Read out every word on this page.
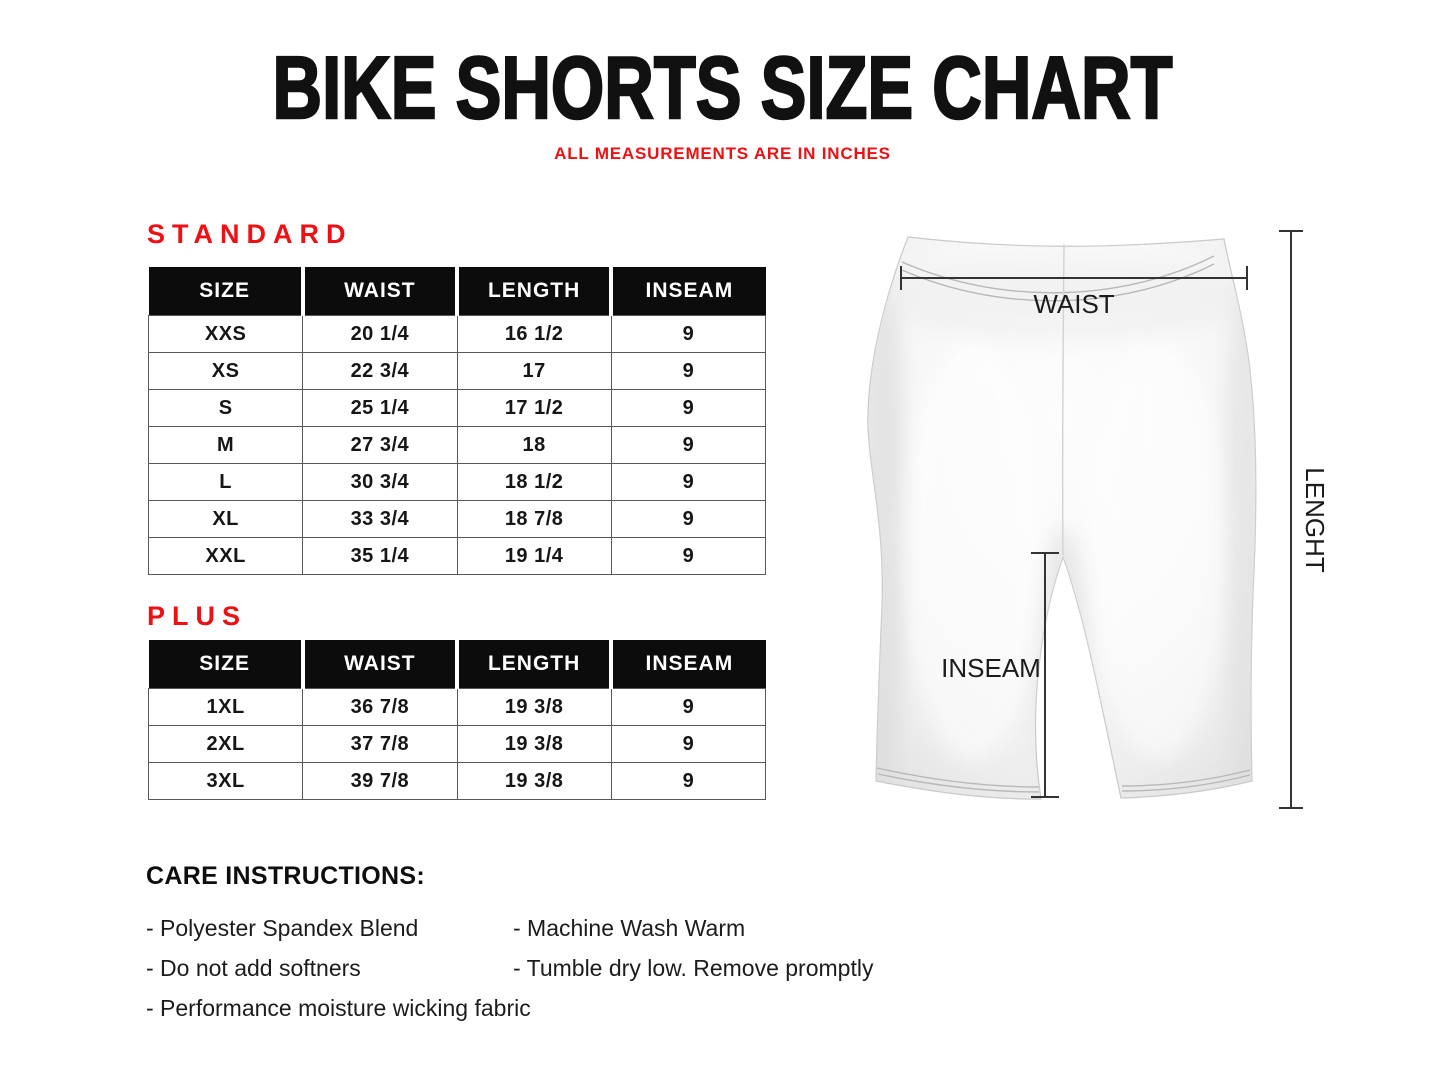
BIKE SHORTS SIZE CHART
ALL MEASUREMENTS ARE IN INCHES
STANDARD
SIZE	WAIST	LENGTH	INSEAM
XXS	20 1/4	16 1/2	9
XS	22 3/4	17	9
S	25 1/4	17 1/2	9
M	27 3/4	18	9
L	30 3/4	18 1/2	9
XL	33 3/4	18 7/8	9
XXL	35 1/4	19 1/4	9
PLUS
SIZE	WAIST	LENGTH	INSEAM
1XL	36 7/8	19 3/8	9
2XL	37 7/8	19 3/8	9
3XL	39 7/8	19 3/8	9
CARE INSTRUCTIONS:
- Polyester Spandex Blend
- Do not add softners
- Performance moisture wicking fabric
- Machine Wash Warm
- Tumble dry low. Remove promptly
WAIST
INSEAM
LENGHT
